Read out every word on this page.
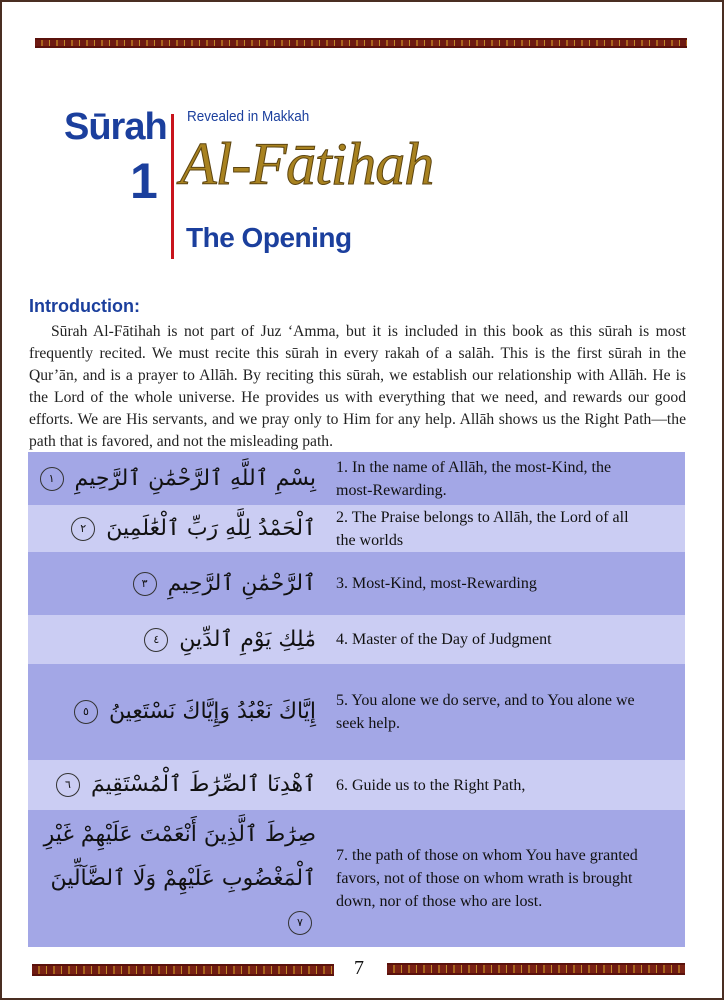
Sūrah
1
Revealed in Makkah
Al-Fātihah
The Opening
Introduction:
Sūrah Al-Fātihah is not part of Juz ‘Amma, but it is included in this book as this sūrah is most frequently recited. We must recite this sūrah in every rakah of a salāh. This is the first sūrah in the Qur’ān, and is a prayer to Allāh. By reciting this sūrah, we establish our relationship with Allāh. He is the Lord of the whole universe. He provides us with everything that we need, and rewards our good efforts. We are His servants, and we pray only to Him for any help. Allāh shows us the Right Path—the path that is favored, and not the misleading path.
بِسْمِ ٱللَّهِ ٱلرَّحْمَٰنِ ٱلرَّحِيمِ ١
1. In the name of Allāh, the most-Kind, the most-Rewarding.
ٱلْحَمْدُ لِلَّهِ رَبِّ ٱلْعَٰلَمِينَ ٢
2. The Praise belongs to Allāh, the Lord of all the worlds
ٱلرَّحْمَٰنِ ٱلرَّحِيمِ ٣	3. Most-Kind, most-Rewarding
مَٰلِكِ يَوْمِ ٱلدِّينِ ٤	4. Master of the Day of Judgment
إِيَّاكَ نَعْبُدُ وَإِيَّاكَ نَسْتَعِينُ ٥
5. You alone we do serve, and to You alone we seek help.
ٱهْدِنَا ٱلصِّرَٰطَ ٱلْمُسْتَقِيمَ ٦	6. Guide us to the Right Path,
صِرَٰطَ ٱلَّذِينَ أَنْعَمْتَ عَلَيْهِمْ غَيْرِ ٱلْمَغْضُوبِ عَلَيْهِمْ وَلَا ٱلضَّآلِّينَ ٧
7. the path of those on whom You have granted favors, not of those on whom wrath is brought down, nor of those who are lost.
7
